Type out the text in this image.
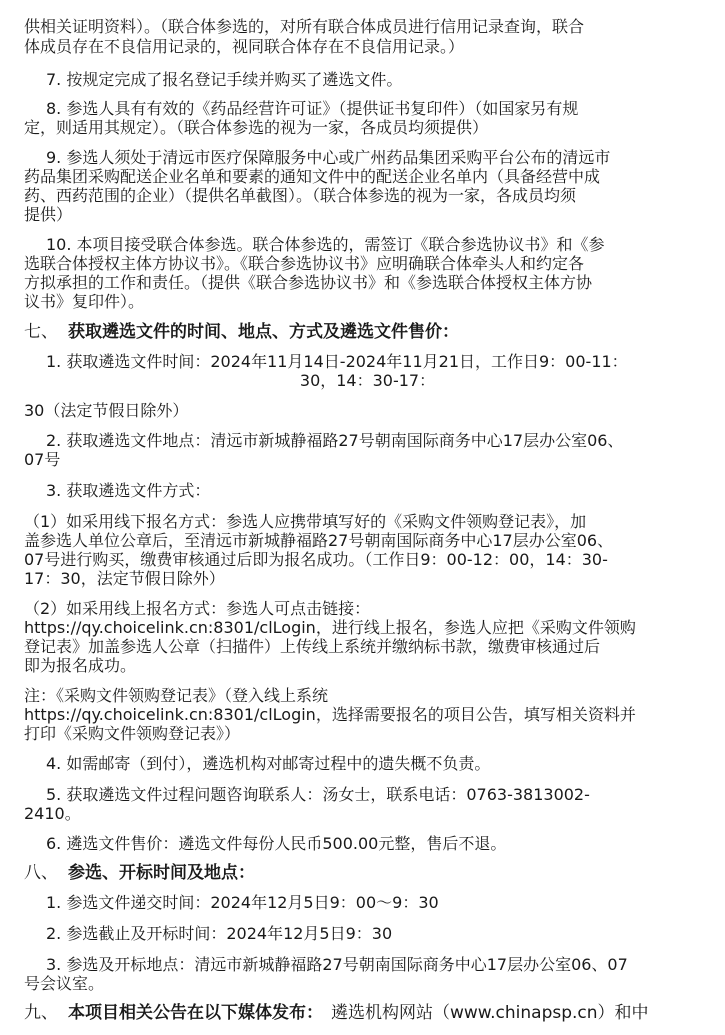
供相关证明资料）。（联合体参选的，对所有联合体成员进行信用记录查询，联合
体成员存在不良信用记录的，视同联合体存在不良信用记录。）
7. 按规定完成了报名登记手续并购买了遴选文件。
8. 参选人具有有效的《药品经营许可证》（提供证书复印件）（如国家另有规
定，则适用其规定）。（联合体参选的视为一家，各成员均须提供）
9. 参选人须处于清远市医疗保障服务中心或广州药品集团采购平台公布的清远市
药品集团采购配送企业名单和要素的通知文件中的配送企业名单内（具备经营中成
药、西药范围的企业）（提供名单截图）。（联合体参选的视为一家，各成员均须
提供）
10. 本项目接受联合体参选。联合体参选的，需签订《联合参选协议书》和《参
选联合体授权主体方协议书》。《联合参选协议书》应明确联合体牵头人和约定各
方拟承担的工作和责任。（提供《联合参选协议书》和《参选联合体授权主体方协
议书》复印件）。
七、 获取遴选文件的时间、地点、方式及遴选文件售价：
1. 获取遴选文件时间：2024年11月14日-2024年11月21日，工作日9：00-11：
30，14：30-17：
30（法定节假日除外）
2. 获取遴选文件地点：清远市新城静福路27号朝南国际商务中心17层办公室06、
07号
3. 获取遴选文件方式：
（1）如采用线下报名方式：参选人应携带填写好的《采购文件领购登记表》，加
盖参选人单位公章后，至清远市新城静福路27号朝南国际商务中心17层办公室06、
07号进行购买，缴费审核通过后即为报名成功。（工作日9：00-12：00，14：30-
17：30，法定节假日除外）
（2）如采用线上报名方式：参选人可点击链接：
https://qy.choicelink.cn:8301/clLogin，进行线上报名，参选人应把《采购文件领购
登记表》加盖参选人公章（扫描件）上传线上系统并缴纳标书款，缴费审核通过后
即为报名成功。
注：《采购文件领购登记表》（登入线上系统
https://qy.choicelink.cn:8301/clLogin，选择需要报名的项目公告，填写相关资料并
打印《采购文件领购登记表》）
4. 如需邮寄（到付），遴选机构对邮寄过程中的遗失概不负责。
5. 获取遴选文件过程问题咨询联系人：汤女士，联系电话：0763-3813002-
2410。
6. 遴选文件售价：遴选文件每份人民币500.00元整，售后不退。
八、 参选、开标时间及地点：
1. 参选文件递交时间：2024年12月5日9：00～9：30
2. 参选截止及开标时间：2024年12月5日9：30
3. 参选及开标地点：清远市新城静福路27号朝南国际商务中心17层办公室06、07
号会议室。
九、 本项目相关公告在以下媒体发布： 遴选机构网站（www.chinapsp.cn）和中
